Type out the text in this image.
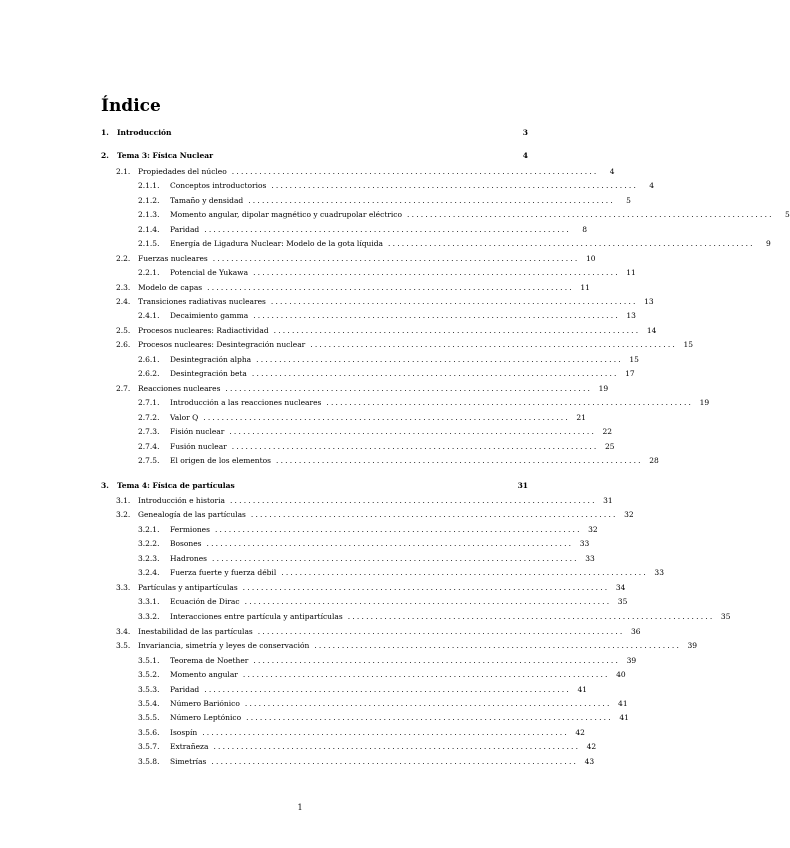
Índice
1.	Introducción	3
2.	Tema 3: Física Nuclear	4
2.1.	Propiedades del núcleo ................................................................................	4
2.1.1.	Conceptos introductorios ................................................................................	4
2.1.2.	Tamaño y densidad ................................................................................	5
2.1.3.	Momento angular, dipolar magnético y cuadrupolar eléctrico ................................................................................	5
2.1.4.	Paridad ................................................................................	8
2.1.5.	Energía de Ligadura Nuclear: Modelo de la gota líquida ................................................................................	9
2.2.	Fuerzas nucleares ................................................................................ 10
2.2.1.	Potencial de Yukawa ................................................................................ 11
2.3.	Modelo de capas ................................................................................ 11
2.4.	Transiciones radiativas nucleares ................................................................................ 13
2.4.1.	Decaimiento gamma ................................................................................ 13
2.5.	Procesos nucleares: Radiactividad ................................................................................ 14
2.6.	Procesos nucleares: Desintegración nuclear ................................................................................ 15
2.6.1.	Desintegración alpha ................................................................................ 15
2.6.2.	Desintegración beta ................................................................................ 17
2.7.	Reacciones nucleares ................................................................................ 19
2.7.1.	Introducción a las reacciones nucleares ................................................................................ 19
2.7.2.	Valor Q ................................................................................ 21
2.7.3.	Fisión nuclear ................................................................................ 22
2.7.4.	Fusión nuclear ................................................................................ 25
2.7.5.	El origen de los elementos ................................................................................ 28
3.	Tema 4: Física de partículas	31
3.1.	Introducción e historia ................................................................................ 31
3.2.	Genealogía de las partículas ................................................................................ 32
3.2.1.	Fermiones ................................................................................ 32
3.2.2.	Bosones ................................................................................ 33
3.2.3.	Hadrones ................................................................................ 33
3.2.4.	Fuerza fuerte y fuerza débil ................................................................................ 33
3.3.	Partículas y antipartículas ................................................................................ 34
3.3.1.	Ecuación de Dirac ................................................................................ 35
3.3.2.	Interacciones entre partícula y antipartículas ................................................................................ 35
3.4.	Inestabilidad de las partículas ................................................................................ 36
3.5.	Invariancia, simetría y leyes de conservación ................................................................................ 39
3.5.1.	Teorema de Noether ................................................................................ 39
3.5.2.	Momento angular ................................................................................ 40
3.5.3.	Paridad ................................................................................ 41
3.5.4.	Número Bariónico ................................................................................ 41
3.5.5.	Número Leptónico ................................................................................ 41
3.5.6.	Isospín ................................................................................ 42
3.5.7.	Extrañeza ................................................................................ 42
3.5.8.	Simetrías ................................................................................ 43
1
